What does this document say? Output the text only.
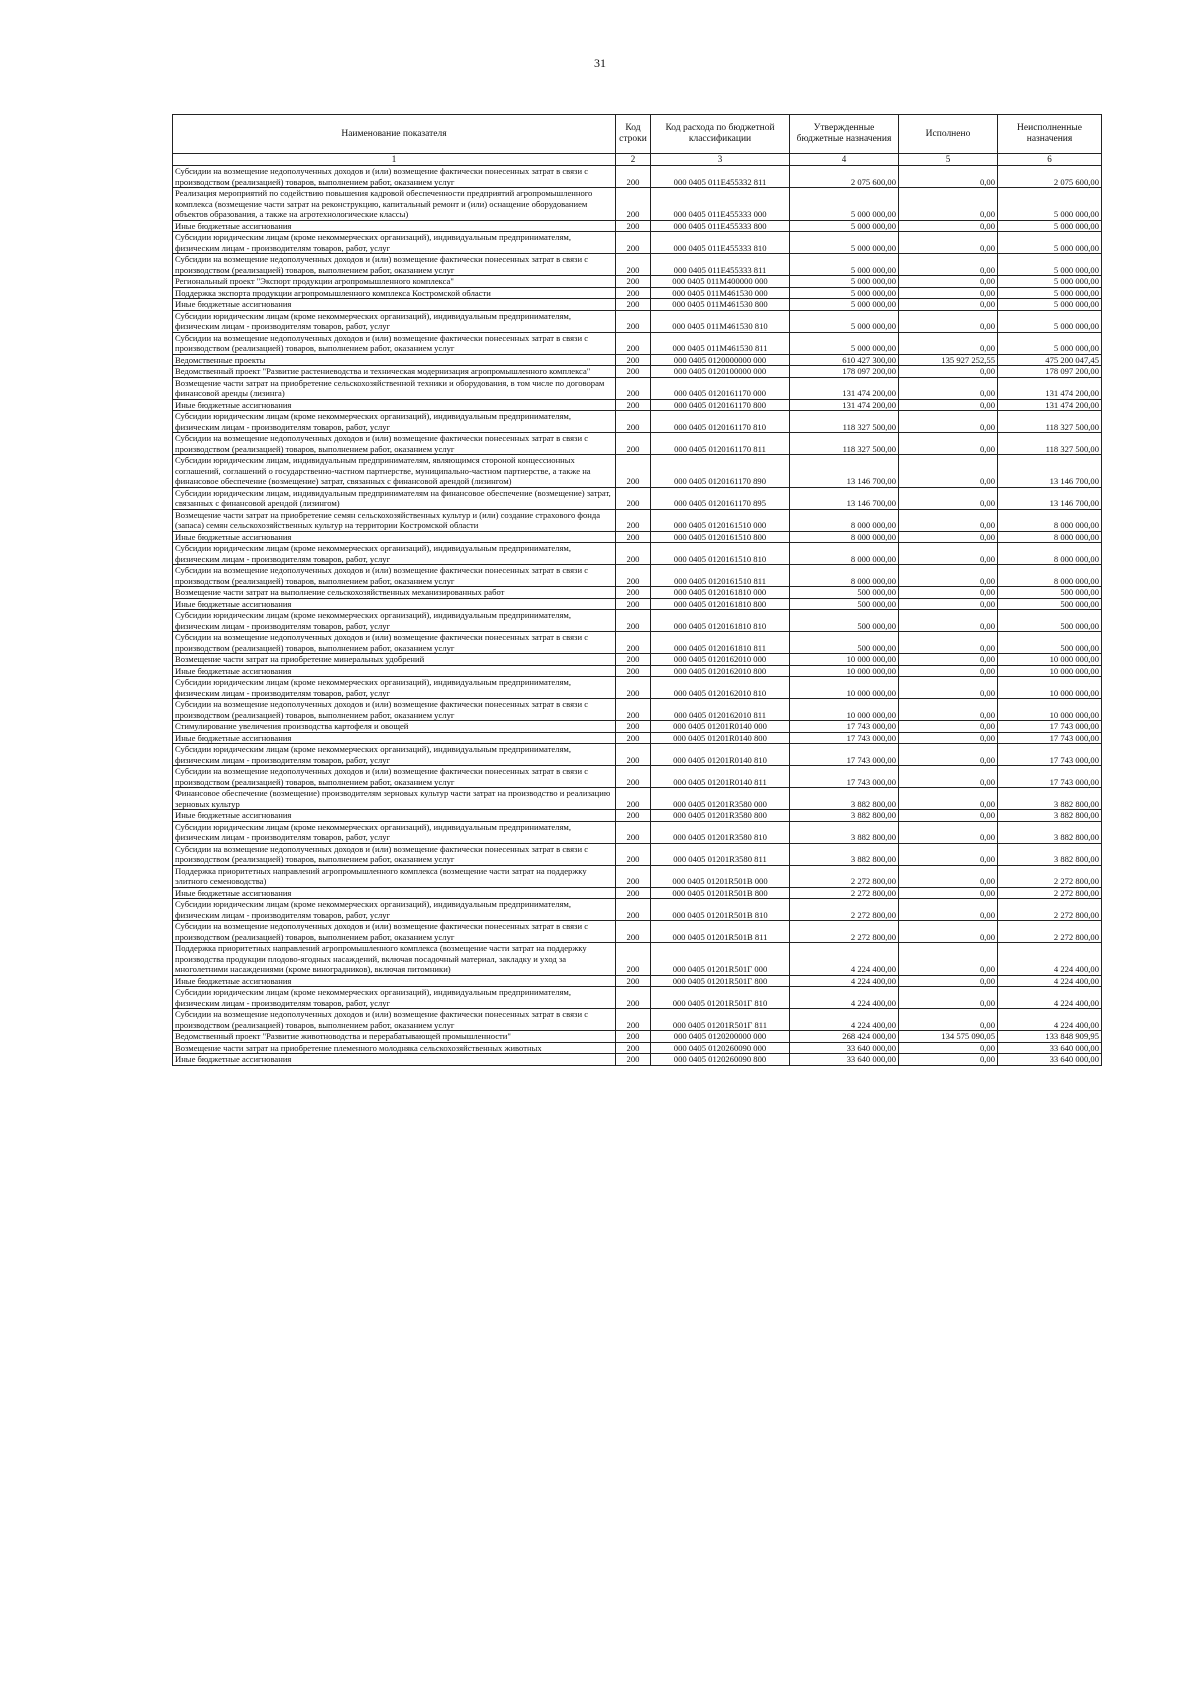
31
Наименование показателя	Код строки	Код расхода по бюджетной классификации	Утвержденные бюджетные назначения	Исполнено	Неисполненные назначения
1	2	3	4	5	6
Субсидии на возмещение недополученных доходов и (или) возмещение фактически понесенных затрат в связи с производством (реализацией) товаров, выполнением работ, оказанием услуг	200	000 0405 011E455332 811	2 075 600,00	0,00	2 075 600,00
Реализация мероприятий по содействию повышения кадровой обеспеченности предприятий агропромышленного комплекса (возмещение части затрат на реконструкцию, капитальный ремонт и (или) оснащение оборудованием объектов образования, а также на агротехнологические классы)	200	000 0405 011E455333 000	5 000 000,00	0,00	5 000 000,00
Иные бюджетные ассигнования	200	000 0405 011E455333 800	5 000 000,00	0,00	5 000 000,00
Субсидии юридическим лицам (кроме некоммерческих организаций), индивидуальным предпринимателям, физическим лицам - производителям товаров, работ, услуг	200	000 0405 011E455333 810	5 000 000,00	0,00	5 000 000,00
Субсидии на возмещение недополученных доходов и (или) возмещение фактически понесенных затрат в связи с производством (реализацией) товаров, выполнением работ, оказанием услуг	200	000 0405 011E455333 811	5 000 000,00	0,00	5 000 000,00
Региональный проект "Экспорт продукции агропромышленного комплекса"	200	000 0405 011M400000 000	5 000 000,00	0,00	5 000 000,00
Поддержка экспорта продукции агропромышленного комплекса Костромской области	200	000 0405 011M461530 000	5 000 000,00	0,00	5 000 000,00
Иные бюджетные ассигнования	200	000 0405 011M461530 800	5 000 000,00	0,00	5 000 000,00
Субсидии юридическим лицам (кроме некоммерческих организаций), индивидуальным предпринимателям, физическим лицам - производителям товаров, работ, услуг	200	000 0405 011M461530 810	5 000 000,00	0,00	5 000 000,00
Субсидии на возмещение недополученных доходов и (или) возмещение фактически понесенных затрат в связи с производством (реализацией) товаров, выполнением работ, оказанием услуг	200	000 0405 011M461530 811	5 000 000,00	0,00	5 000 000,00
Ведомственные проекты	200	000 0405 0120000000 000	610 427 300,00	135 927 252,55	475 200 047,45
Ведомственный проект "Развитие растениеводства и техническая модернизация агропромышленного комплекса"	200	000 0405 0120100000 000	178 097 200,00	0,00	178 097 200,00
Возмещение части затрат на приобретение сельскохозяйственной техники и оборудования, в том числе по договорам финансовой аренды (лизинга)	200	000 0405 0120161170 000	131 474 200,00	0,00	131 474 200,00
Иные бюджетные ассигнования	200	000 0405 0120161170 800	131 474 200,00	0,00	131 474 200,00
Субсидии юридическим лицам (кроме некоммерческих организаций), индивидуальным предпринимателям, физическим лицам - производителям товаров, работ, услуг	200	000 0405 0120161170 810	118 327 500,00	0,00	118 327 500,00
Субсидии на возмещение недополученных доходов и (или) возмещение фактически понесенных затрат в связи с производством (реализацией) товаров, выполнением работ, оказанием услуг	200	000 0405 0120161170 811	118 327 500,00	0,00	118 327 500,00
Субсидии юридическим лицам, индивидуальным предпринимателям, являющимся стороной концессионных соглашений, соглашений о государственно-частном партнерстве, муниципально-частном партнерстве, а также на финансовое обеспечение (возмещение) затрат, связанных с финансовой арендой (лизингом)	200	000 0405 0120161170 890	13 146 700,00	0,00	13 146 700,00
Субсидии юридическим лицам, индивидуальным предпринимателям на финансовое обеспечение (возмещение) затрат, связанных с финансовой арендой (лизингом)	200	000 0405 0120161170 895	13 146 700,00	0,00	13 146 700,00
Возмещение части затрат на приобретение семян сельскохозяйственных культур и (или) создание страхового фонда (запаса) семян сельскохозяйственных культур на территории Костромской области	200	000 0405 0120161510 000	8 000 000,00	0,00	8 000 000,00
Иные бюджетные ассигнования	200	000 0405 0120161510 800	8 000 000,00	0,00	8 000 000,00
Субсидии юридическим лицам (кроме некоммерческих организаций), индивидуальным предпринимателям, физическим лицам - производителям товаров, работ, услуг	200	000 0405 0120161510 810	8 000 000,00	0,00	8 000 000,00
Субсидии на возмещение недополученных доходов и (или) возмещение фактически понесенных затрат в связи с производством (реализацией) товаров, выполнением работ, оказанием услуг	200	000 0405 0120161510 811	8 000 000,00	0,00	8 000 000,00
Возмещение части затрат на выполнение сельскохозяйственных механизированных работ	200	000 0405 0120161810 000	500 000,00	0,00	500 000,00
Иные бюджетные ассигнования	200	000 0405 0120161810 800	500 000,00	0,00	500 000,00
Субсидии юридическим лицам (кроме некоммерческих организаций), индивидуальным предпринимателям, физическим лицам - производителям товаров, работ, услуг	200	000 0405 0120161810 810	500 000,00	0,00	500 000,00
Субсидии на возмещение недополученных доходов и (или) возмещение фактически понесенных затрат в связи с производством (реализацией) товаров, выполнением работ, оказанием услуг	200	000 0405 0120161810 811	500 000,00	0,00	500 000,00
Возмещение части затрат на приобретение минеральных удобрений	200	000 0405 0120162010 000	10 000 000,00	0,00	10 000 000,00
Иные бюджетные ассигнования	200	000 0405 0120162010 800	10 000 000,00	0,00	10 000 000,00
Субсидии юридическим лицам (кроме некоммерческих организаций), индивидуальным предпринимателям, физическим лицам - производителям товаров, работ, услуг	200	000 0405 0120162010 810	10 000 000,00	0,00	10 000 000,00
Субсидии на возмещение недополученных доходов и (или) возмещение фактически понесенных затрат в связи с производством (реализацией) товаров, выполнением работ, оказанием услуг	200	000 0405 0120162010 811	10 000 000,00	0,00	10 000 000,00
Стимулирование увеличения производства картофеля и овощей	200	000 0405 01201R0140 000	17 743 000,00	0,00	17 743 000,00
Иные бюджетные ассигнования	200	000 0405 01201R0140 800	17 743 000,00	0,00	17 743 000,00
Субсидии юридическим лицам (кроме некоммерческих организаций), индивидуальным предпринимателям, физическим лицам - производителям товаров, работ, услуг	200	000 0405 01201R0140 810	17 743 000,00	0,00	17 743 000,00
Субсидии на возмещение недополученных доходов и (или) возмещение фактически понесенных затрат в связи с производством (реализацией) товаров, выполнением работ, оказанием услуг	200	000 0405 01201R0140 811	17 743 000,00	0,00	17 743 000,00
Финансовое обеспечение (возмещение) производителям зерновых культур части затрат на производство и реализацию зерновых культур	200	000 0405 01201R3580 000	3 882 800,00	0,00	3 882 800,00
Иные бюджетные ассигнования	200	000 0405 01201R3580 800	3 882 800,00	0,00	3 882 800,00
Субсидии юридическим лицам (кроме некоммерческих организаций), индивидуальным предпринимателям, физическим лицам - производителям товаров, работ, услуг	200	000 0405 01201R3580 810	3 882 800,00	0,00	3 882 800,00
Субсидии на возмещение недополученных доходов и (или) возмещение фактически понесенных затрат в связи с производством (реализацией) товаров, выполнением работ, оказанием услуг	200	000 0405 01201R3580 811	3 882 800,00	0,00	3 882 800,00
Поддержка приоритетных направлений агропромышленного комплекса (возмещение части затрат на поддержку элитного семеноводства)	200	000 0405 01201R501B 000	2 272 800,00	0,00	2 272 800,00
Иные бюджетные ассигнования	200	000 0405 01201R501B 800	2 272 800,00	0,00	2 272 800,00
Субсидии юридическим лицам (кроме некоммерческих организаций), индивидуальным предпринимателям, физическим лицам - производителям товаров, работ, услуг	200	000 0405 01201R501B 810	2 272 800,00	0,00	2 272 800,00
Субсидии на возмещение недополученных доходов и (или) возмещение фактически понесенных затрат в связи с производством (реализацией) товаров, выполнением работ, оказанием услуг	200	000 0405 01201R501B 811	2 272 800,00	0,00	2 272 800,00
Поддержка приоритетных направлений агропромышленного комплекса (возмещение части затрат на поддержку производства продукции плодово-ягодных насаждений, включая посадочный материал, закладку и уход за многолетними насаждениями (кроме виноградников), включая питомники)	200	000 0405 01201R501Г 000	4 224 400,00	0,00	4 224 400,00
Иные бюджетные ассигнования	200	000 0405 01201R501Г 800	4 224 400,00	0,00	4 224 400,00
Субсидии юридическим лицам (кроме некоммерческих организаций), индивидуальным предпринимателям, физическим лицам - производителям товаров, работ, услуг	200	000 0405 01201R501Г 810	4 224 400,00	0,00	4 224 400,00
Субсидии на возмещение недополученных доходов и (или) возмещение фактически понесенных затрат в связи с производством (реализацией) товаров, выполнением работ, оказанием услуг	200	000 0405 01201R501Г 811	4 224 400,00	0,00	4 224 400,00
Ведомственный проект "Развитие животноводства и перерабатывающей промышленности"	200	000 0405 0120200000 000	268 424 000,00	134 575 090,05	133 848 909,95
Возмещение части затрат на приобретение племенного молодняка сельскохозяйственных животных	200	000 0405 0120260090 000	33 640 000,00	0,00	33 640 000,00
Иные бюджетные ассигнования	200	000 0405 0120260090 800	33 640 000,00	0,00	33 640 000,00
